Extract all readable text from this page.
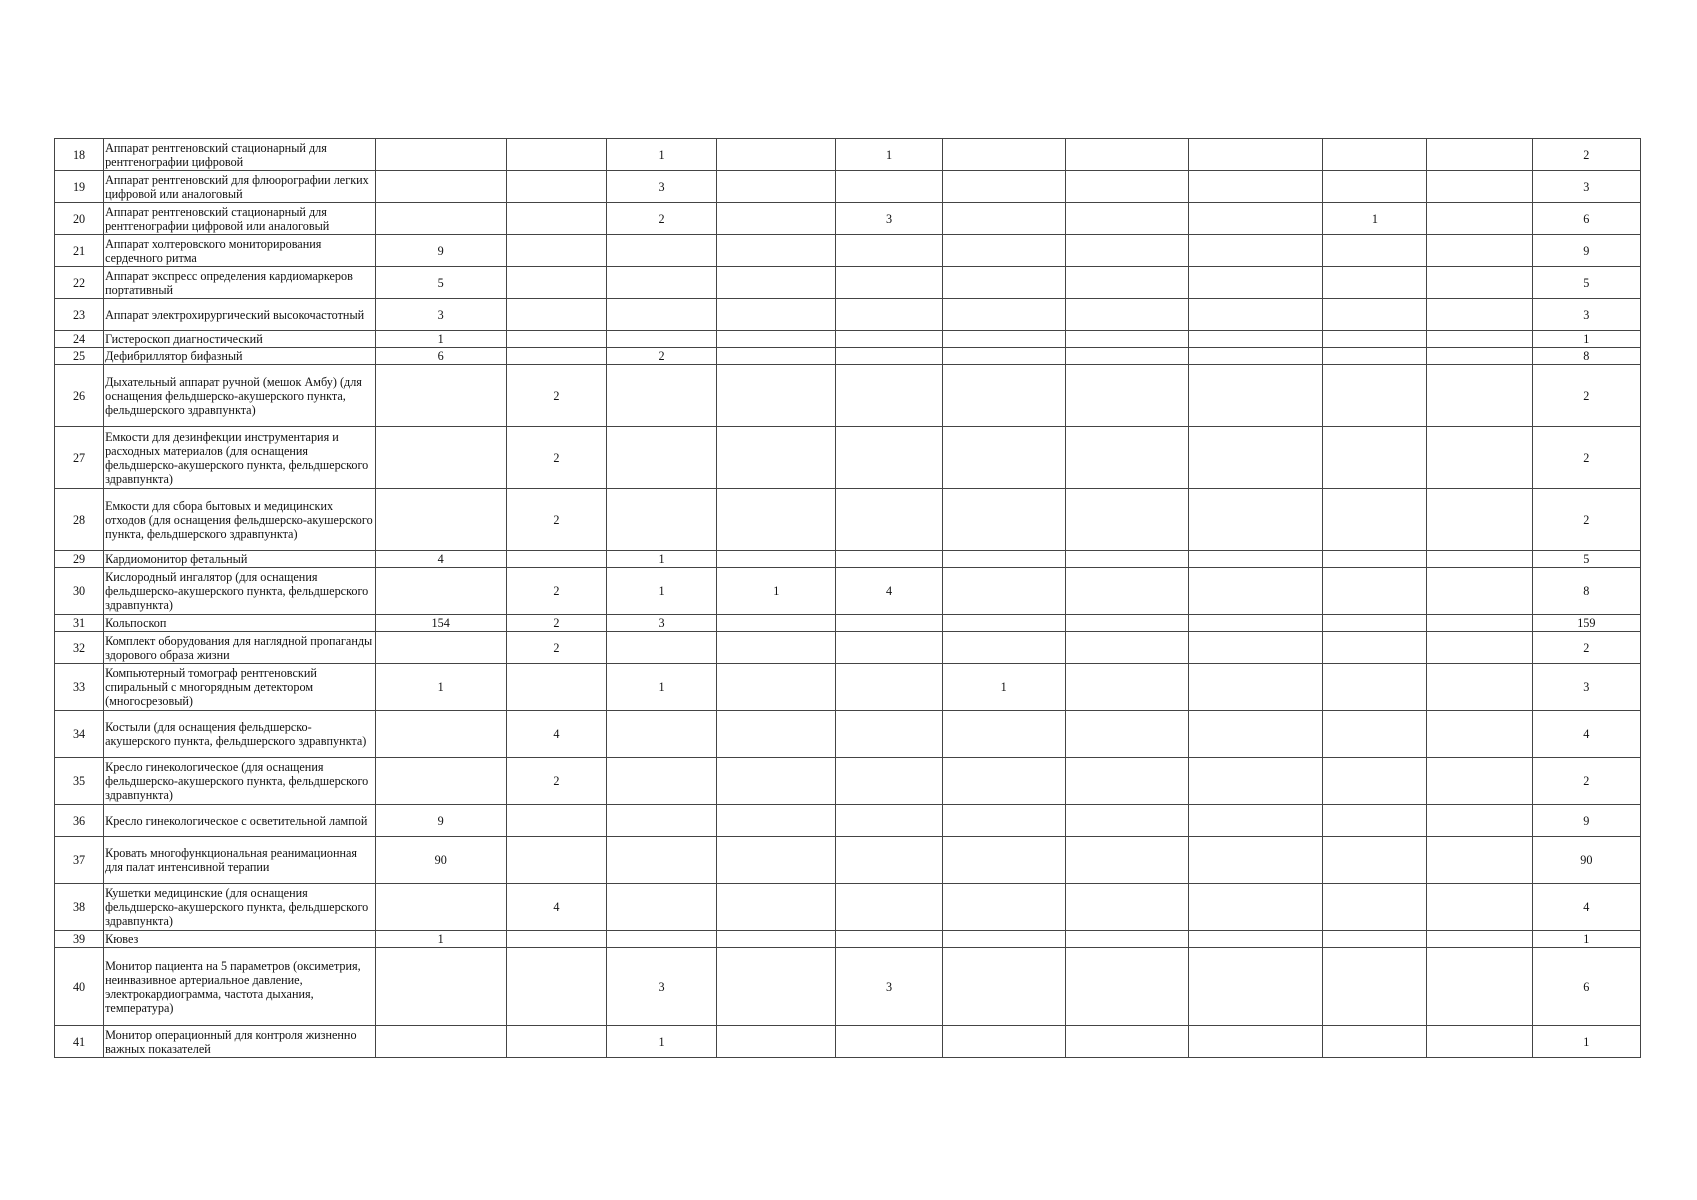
18	Аппарат рентгеновский стационарный для рентгенографии цифровой			1		1						2
19	Аппарат рентгеновский для флюорографии легких цифровой или аналоговый			3								3
20	Аппарат рентгеновский стационарный для рентгенографии цифровой или аналоговый			2		3				1		6
21	Аппарат холтеровского мониторирования сердечного ритма	9										9
22	Аппарат экспресс определения кардиомаркеров портативный	5										5
23	Аппарат электрохирургический высокочастотный	3										3
24	Гистероскоп диагностический	1										1
25	Дефибриллятор бифазный	6		2								8
26	Дыхательный аппарат ручной (мешок Амбу) (для оснащения фельдшерско-акушерского пункта, фельдшерского здравпункта)		2									2
27	Емкости для дезинфекции инструментария и расходных материалов (для оснащения фельдшерско-акушерского пункта, фельдшерского здравпункта)		2									2
28	Емкости для сбора бытовых и медицинских отходов (для оснащения фельдшерско-акушерского пункта, фельдшерского здравпункта)		2									2
29	Кардиомонитор фетальный	4		1								5
30	Кислородный ингалятор (для оснащения фельдшерско-акушерского пункта, фельдшерского здравпункта)		2	1	1	4						8
31	Кольпоскоп	154	2	3								159
32	Комплект оборудования для наглядной пропаганды здорового образа жизни		2									2
33	Компьютерный томограф рентгеновский спиральный с многорядным детектором (многосрезовый)	1		1			1					3
34	Костыли (для оснащения фельдшерско-акушерского пункта, фельдшерского здравпункта)		4									4
35	Кресло гинекологическое (для оснащения фельдшерско-акушерского пункта, фельдшерского здравпункта)		2									2
36	Кресло гинекологическое с осветительной лампой	9										9
37	Кровать многофункциональная реанимационная для палат интенсивной терапии	90										90
38	Кушетки медицинские (для оснащения фельдшерско-акушерского пункта, фельдшерского здравпункта)		4									4
39	Кювез	1										1
40	Монитор пациента на 5 параметров (оксиметрия, неинвазивное артериальное давление, электрокардиограмма, частота дыхания, температура)			3		3						6
41	Монитор операционный для контроля жизненно важных показателей			1								1
